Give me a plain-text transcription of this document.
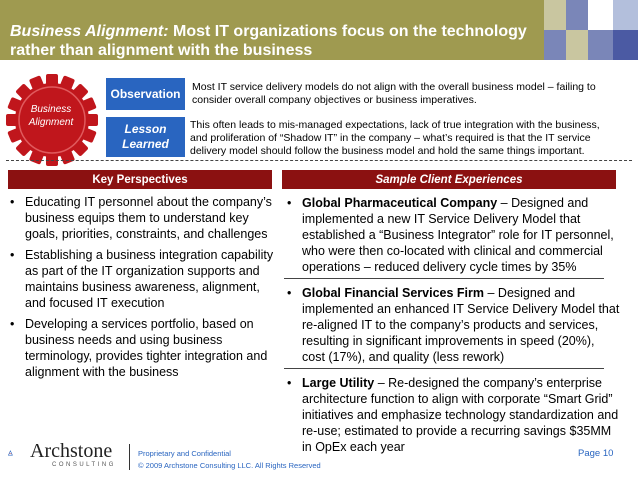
Business Alignment: Most IT organizations focus on the technology rather than alignment with the business
Business Alignment
Observation	Most IT service delivery models do not align with the overall business model – failing to consider overall company objectives or business imperatives.
Lesson Learned
This often leads to mis-managed expectations, lack of true integration with the business, and proliferation of “Shadow IT” in the company – what’s required is that the IT service delivery model should follow the business model and hold the same things important.
Key Perspectives	Sample Client Experiences
• Educating IT personnel about the company’s business equips them to understand key goals, priorities, constraints, and challenges
• Establishing a business integration capability as part of the IT organization supports and maintains business awareness, alignment, and focused IT execution
• Developing a services portfolio, based on business needs and using business terminology, provides tighter integration and alignment with the business
• Global Pharmaceutical Company – Designed and implemented a new IT Service Delivery Model that established a “Business Integrator” role for IT personnel, who were then co-located with clinical and commercial operations – reduced delivery cycle times by 35%
• Global Financial Services Firm – Designed and implemented an enhanced IT Service Delivery Model that re-aligned IT to the company’s products and services, resulting in significant improvements in speed (20%), cost (17%), and quality (less rework)
• Large Utility – Re-designed the company’s enterprise architecture function to align with corporate “Smart Grid” initiatives and emphasize technology standardization and re-use; estimated to provide a recurring savings $35MM in OpEx each year
Archstone
CONSULTING
Proprietary and Confidential
© 2009 Archstone Consulting LLC. All Rights Reserved
Page 10
